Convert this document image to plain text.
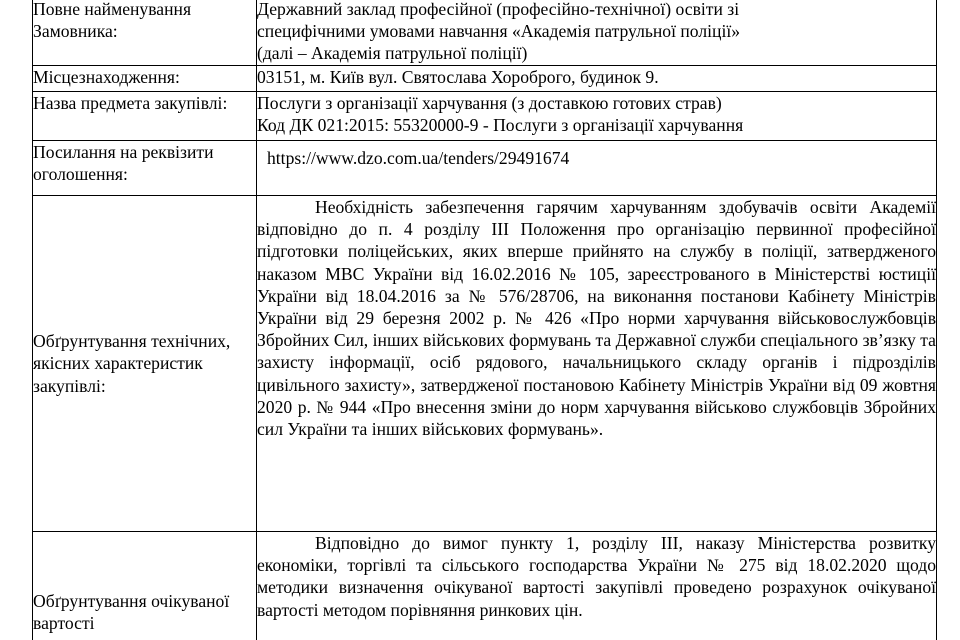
Повне найменування Замовника:	Державний заклад професійної (професійно-технічної) освіти зі
специфічними умовами навчання «Академія патрульної поліції»
(далі – Академія патрульної поліції)

Місцезнаходження:	03151, м. Київ вул. Святослава Хороброго, будинок 9.
Назва предмета закупівлі:	Послуги з організації харчування (з доставкою готових страв)
Код ДК 021:2015: 55320000-9 - Послуги з організації харчування

Посилання на реквізити оголошення:	https://www.dzo.com.ua/tenders/29491674
Обґрунтування технічних, якісних характеристик закупівлі:	Необхідність забезпечення гарячим харчуванням здобувачів освіти Академії відповідно до п. 4 розділу ІІІ Положення про організацію первинної професійної підготовки поліцейських, яких вперше прийнято на службу в поліції, затвердженого наказом МВС України від 16.02.2016 № 105, зареєстрованого в Міністерстві юстиції України від 18.04.2016 за № 576/28706, на виконання постанови Кабінету Міністрів України від 29 березня 2002 р. № 426 «Про норми харчування військовослужбовців Збройних Сил, інших військових формувань та Державної служби спеціального зв’язку та захисту інформації, осіб рядового, начальницького складу органів і підрозділів цивільного захисту», затвердженої постановою Кабінету Міністрів України від 09 жовтня 2020 р. № 944 «Про внесення зміни до норм харчування військово службовців Збройних сил України та інших військових формувань».

Обґрунтування очікуваної вартості	Відповідно до вимог пункту 1, розділу ІІІ, наказу Міністерства розвитку економіки, торгівлі та сільського господарства України № 275 від 18.02.2020 щодо методики визначення очікуваної вартості закупівлі проведено розрахунок очікуваної вартості методом порівняння ринкових цін.
